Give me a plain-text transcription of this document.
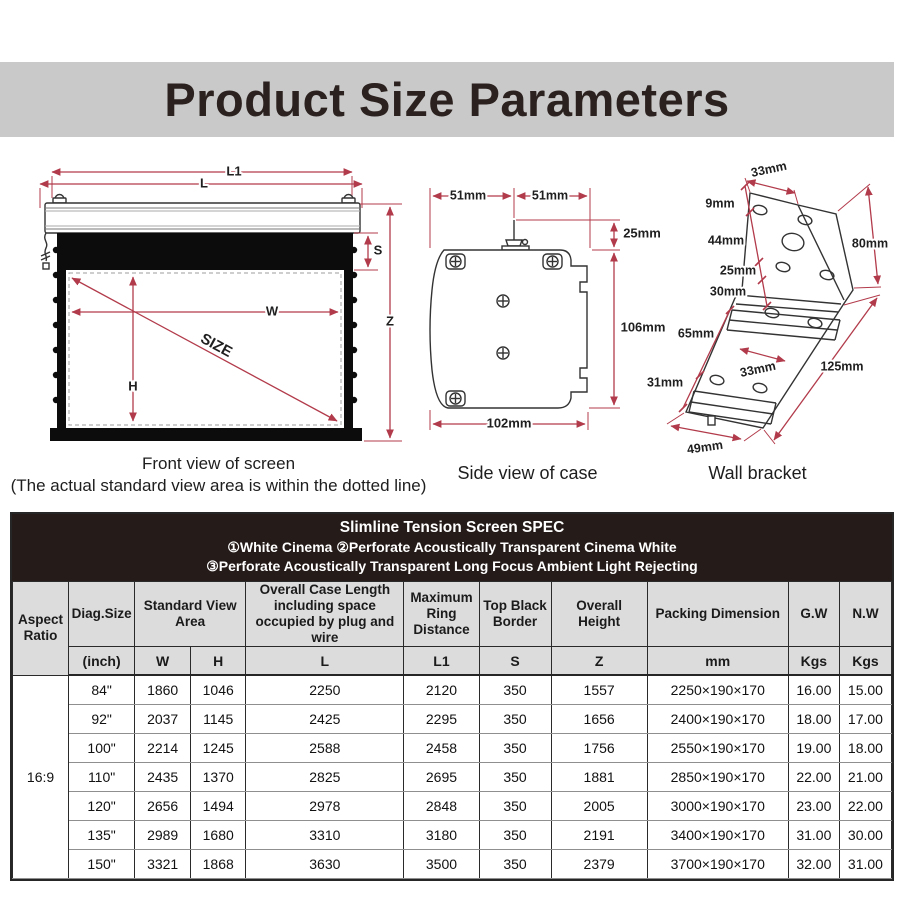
Product Size Parameters
L1
L
S
W
H
SIZE
Z
51mm	51mm
25mm
106mm
102mm
33mm
9mm
44mm
25mm
30mm
65mm
31mm
33mm
49mm
80mm
125mm
Front view of screen
(The actual standard view area is within the dotted line)
Side view of case	Wall bracket
Slimline Tension Screen SPEC
①White Cinema ②Perforate Acoustically Transparent Cinema White
③Perforate Acoustically Transparent Long Focus Ambient Light Rejecting
Aspect Ratio	Diag.Size	Standard View Area		Overall Case Length including space occupied by plug and wire	Maximum Ring Distance	Top Black Border	Overall Height	Packing Dimension	G.W	N.W
	(inch)	W	H	L	L1	S	Z	mm	Kgs	Kgs
16:9	84"	1860	1046	2250	2120	350	1557	2250×190×170	16.00	15.00
	92"	2037	1145	2425	2295	350	1656	2400×190×170	18.00	17.00
	100"	2214	1245	2588	2458	350	1756	2550×190×170	19.00	18.00
	110"	2435	1370	2825	2695	350	1881	2850×190×170	22.00	21.00
	120"	2656	1494	2978	2848	350	2005	3000×190×170	23.00	22.00
	135"	2989	1680	3310	3180	350	2191	3400×190×170	31.00	30.00
	150"	3321	1868	3630	3500	350	2379	3700×190×170	32.00	31.00
